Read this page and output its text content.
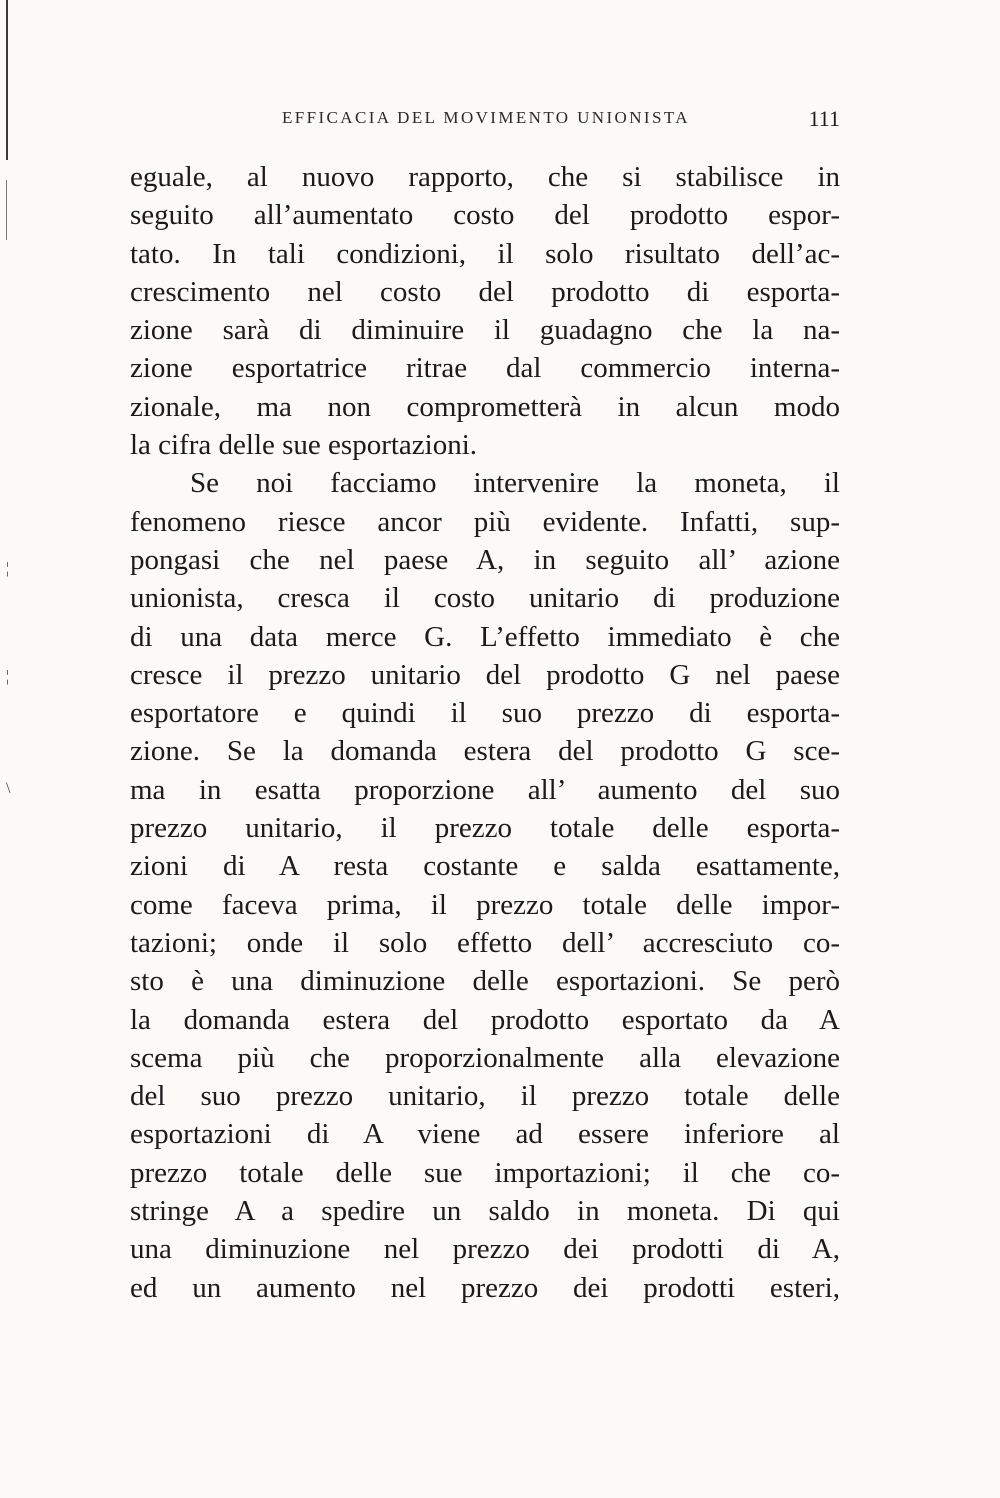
¦
¦
\
EFFICACIA DEL MOVIMENTO UNIONISTA	111
eguale, al nuovo rapporto, che si stabilisce in
seguito all’aumentato costo del prodotto espor-
tato. In tali condizioni, il solo risultato dell’ac-
crescimento nel costo del prodotto di esporta-
zione sarà di diminuire il guadagno che la na-
zione esportatrice ritrae dal commercio interna-
zionale, ma non comprometterà in alcun modo
la cifra delle sue esportazioni.
Se noi facciamo intervenire la moneta, il
fenomeno riesce ancor più evidente. Infatti, sup-
pongasi che nel paese A, in seguito all’ azione
unionista, cresca il costo unitario di produzione
di una data merce G. L’effetto immediato è che
cresce il prezzo unitario del prodotto G nel paese
esportatore e quindi il suo prezzo di esporta-
zione. Se la domanda estera del prodotto G sce-
ma in esatta proporzione all’ aumento del suo
prezzo unitario, il prezzo totale delle esporta-
zioni di A resta costante e salda esattamente,
come faceva prima, il prezzo totale delle impor-
tazioni; onde il solo effetto dell’ accresciuto co-
sto è una diminuzione delle esportazioni. Se però
la domanda estera del prodotto esportato da A
scema più che proporzionalmente alla elevazione
del suo prezzo unitario, il prezzo totale delle
esportazioni di A viene ad essere inferiore al
prezzo totale delle sue importazioni; il che co-
stringe A a spedire un saldo in moneta. Di qui
una diminuzione nel prezzo dei prodotti di A,
ed un aumento nel prezzo dei prodotti esteri,
